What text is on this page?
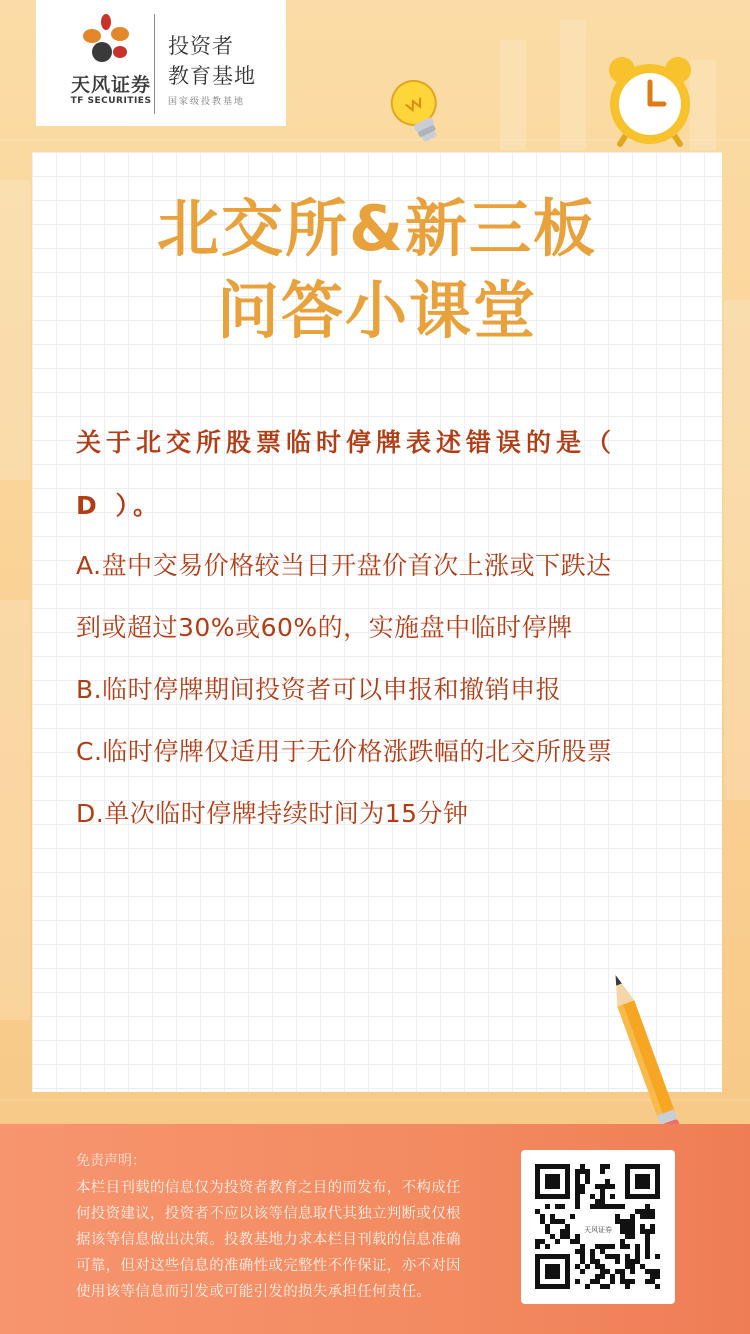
天风证券
TF SECURITIES
投资者
教育基地
国家级投教基地
北交所&新三板
问答小课堂
关于北交所股票临时停牌表述错误的是（
D ）。
A.盘中交易价格较当日开盘价首次上涨或下跌达
到或超过30%或60%的，实施盘中临时停牌
B.临时停牌期间投资者可以申报和撤销申报
C.临时停牌仅适用于无价格涨跌幅的北交所股票
D.单次临时停牌持续时间为15分钟
免责声明：
本栏目刊载的信息仅为投资者教育之目的而发布，不构成任
何投资建议，投资者不应以该等信息取代其独立判断或仅根
据该等信息做出决策。投教基地力求本栏目刊载的信息准确
可靠，但对这些信息的准确性或完整性不作保证，亦不对因
使用该等信息而引发或可能引发的损失承担任何责任。
天风证券
